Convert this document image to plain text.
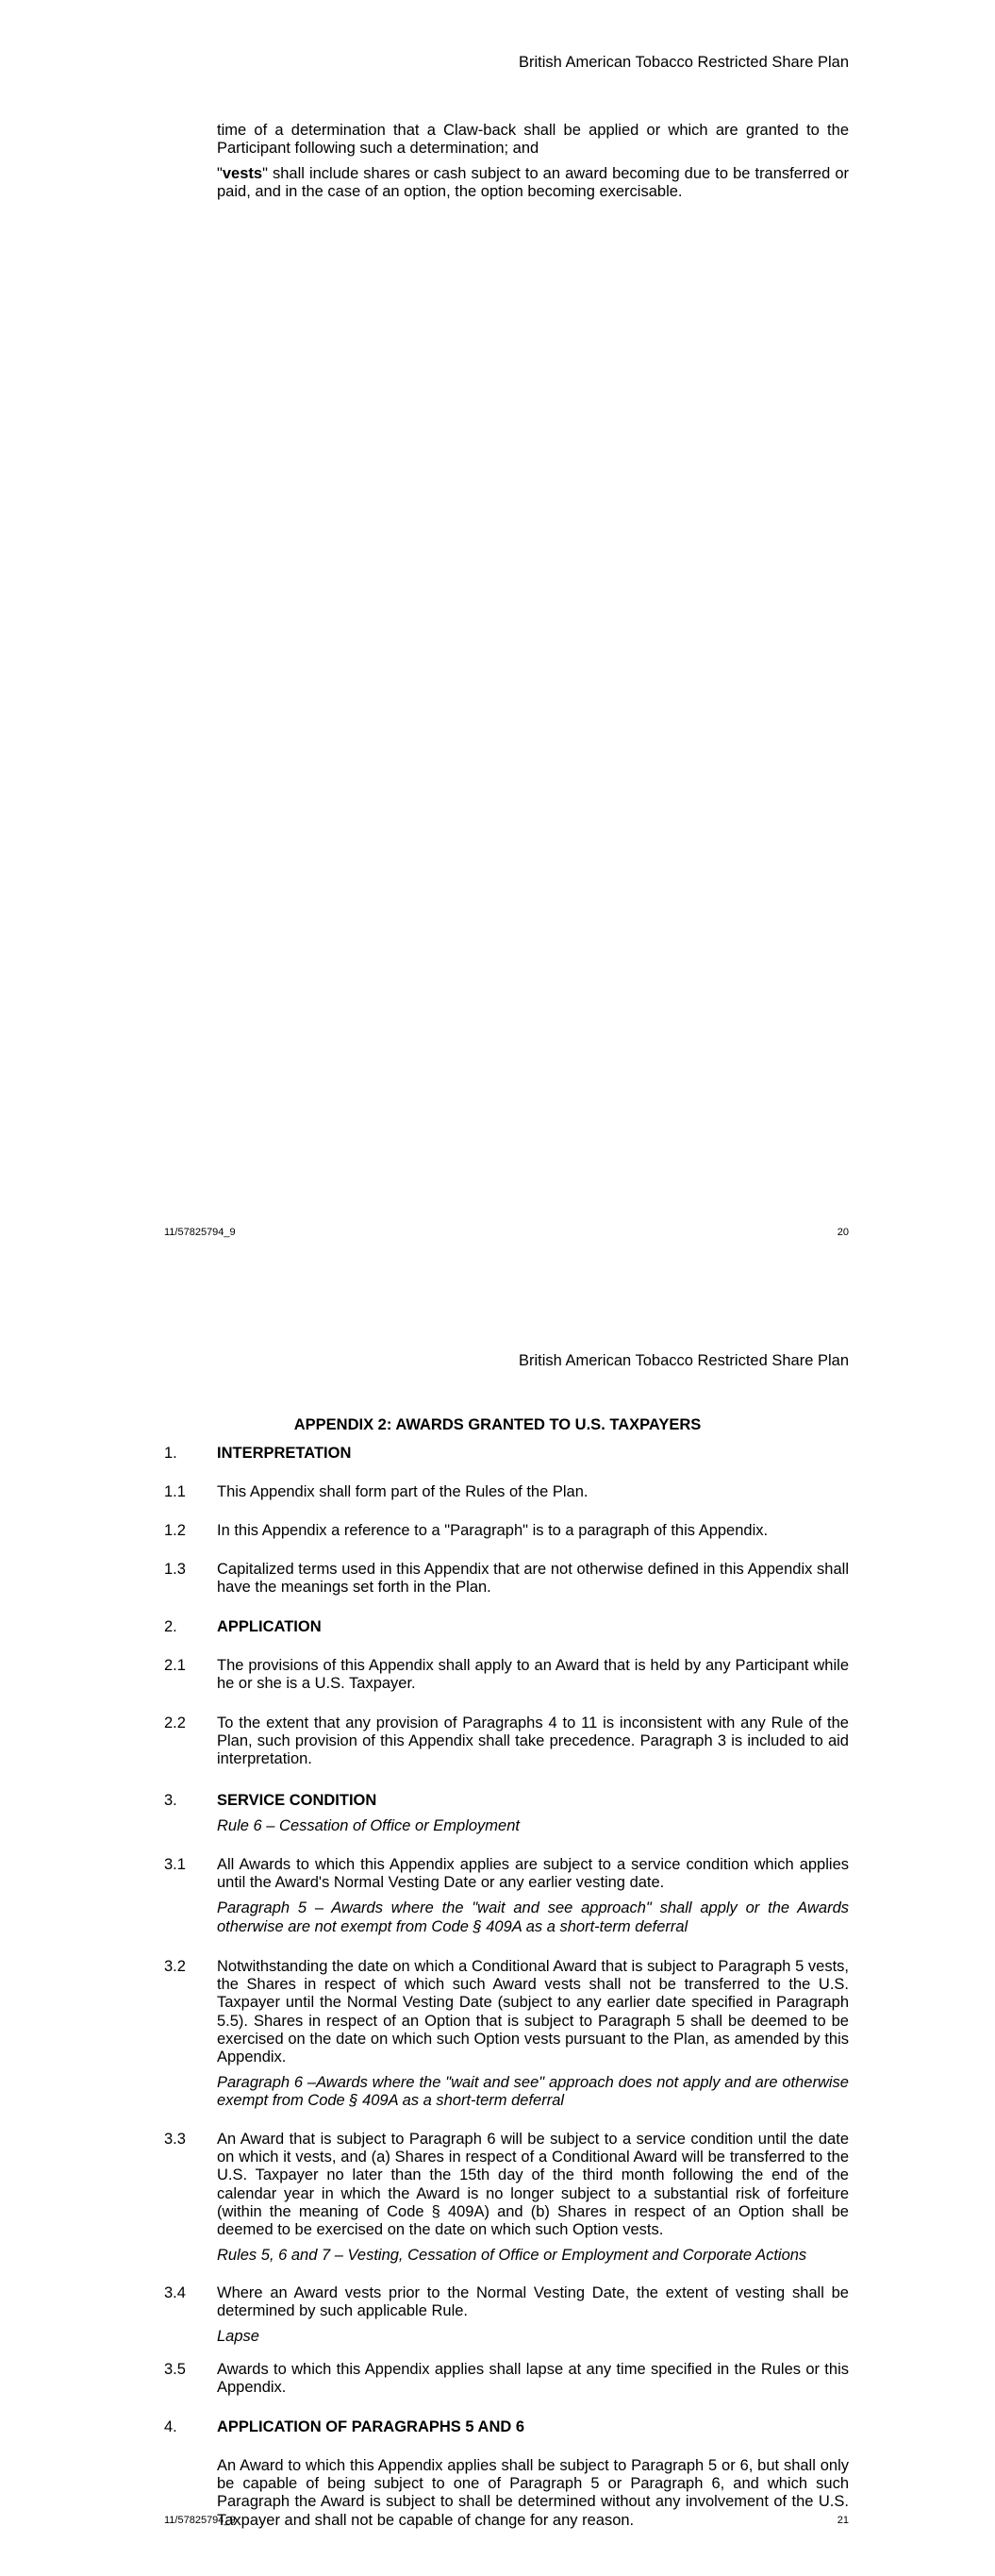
British American Tobacco Restricted Share Plan

time of a determination that a Claw-back shall be applied or which are granted to the Participant following such a determination; and

"vests" shall include shares or cash subject to an award becoming due to be transferred or paid, and in the case of an option, the option becoming exercisable.

11/57825794_9	20
British American Tobacco Restricted Share Plan
APPENDIX 2: AWARDS GRANTED TO U.S. TAXPAYERS
1.	INTERPRETATION

1.1 This Appendix shall form part of the Rules of the Plan.

1.2 In this Appendix a reference to a "Paragraph" is to a paragraph of this Appendix.

1.3 Capitalized terms used in this Appendix that are not otherwise defined in this Appendix shall have the meanings set forth in the Plan.

2.	APPLICATION

2.1 The provisions of this Appendix shall apply to an Award that is held by any Participant while he or she is a U.S. Taxpayer.

2.2 To the extent that any provision of Paragraphs 4 to 11 is inconsistent with any Rule of the Plan, such provision of this Appendix shall take precedence. Paragraph 3 is included to aid interpretation.

3.	SERVICE CONDITION

Rule 6 – Cessation of Office or Employment

3.1 All Awards to which this Appendix applies are subject to a service condition which applies until the Award's Normal Vesting Date or any earlier vesting date.

Paragraph 5 – Awards where the "wait and see approach" shall apply or the Awards otherwise are not exempt from Code § 409A as a short-term deferral

3.2 Notwithstanding the date on which a Conditional Award that is subject to Paragraph 5 vests, the Shares in respect of which such Award vests shall not be transferred to the U.S. Taxpayer until the Normal Vesting Date (subject to any earlier date specified in Paragraph 5.5). Shares in respect of an Option that is subject to Paragraph 5 shall be deemed to be exercised on the date on which such Option vests pursuant to the Plan, as amended by this Appendix.

Paragraph 6 –Awards where the "wait and see" approach does not apply and are otherwise exempt from Code § 409A as a short-term deferral

3.3 An Award that is subject to Paragraph 6 will be subject to a service condition until the date on which it vests, and (a) Shares in respect of a Conditional Award will be transferred to the U.S. Taxpayer no later than the 15th day of the third month following the end of the calendar year in which the Award is no longer subject to a substantial risk of forfeiture (within the meaning of Code § 409A) and (b) Shares in respect of an Option shall be deemed to be exercised on the date on which such Option vests.

Rules 5, 6 and 7 – Vesting, Cessation of Office or Employment and Corporate Actions

3.4 Where an Award vests prior to the Normal Vesting Date, the extent of vesting shall be determined by such applicable Rule.

Lapse

3.5 Awards to which this Appendix applies shall lapse at any time specified in the Rules or this Appendix.

4.	APPLICATION OF PARAGRAPHS 5 AND 6

An Award to which this Appendix applies shall be subject to Paragraph 5 or 6, but shall only be capable of being subject to one of Paragraph 5 or Paragraph 6, and which such Paragraph the Award is subject to shall be determined without any involvement of the U.S. Taxpayer and shall not be capable of change for any reason.

11/57825794_9	21
